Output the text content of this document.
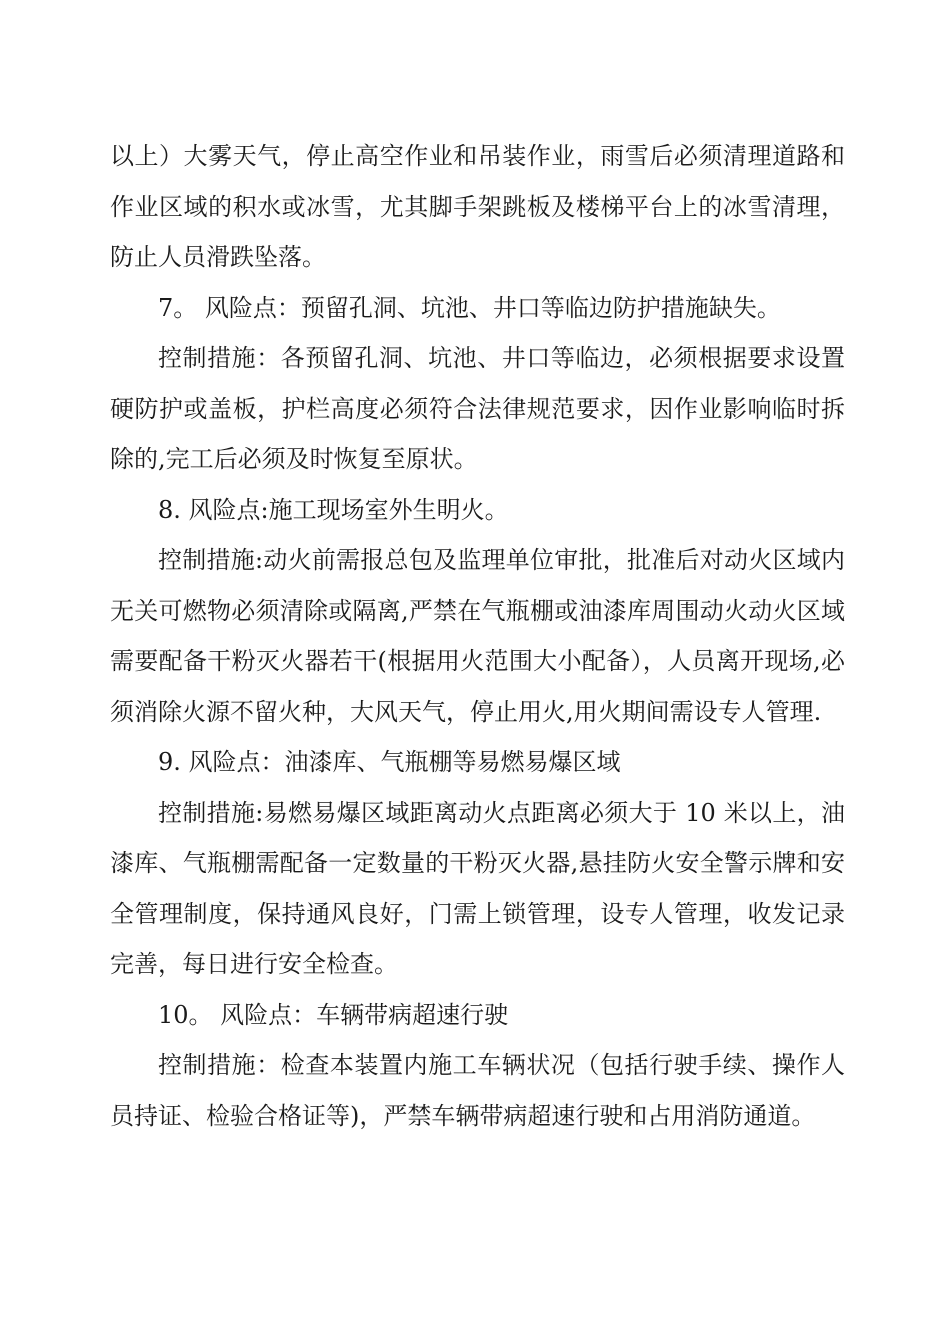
以上）大雾天气，停止高空作业和吊装作业，雨雪后必须清理道路和作业区域的积水或冰雪，尤其脚手架跳板及楼梯平台上的冰雪清理，防止人员滑跌坠落。

7。 风险点：预留孔洞、坑池、井口等临边防护措施缺失。

控制措施：各预留孔洞、坑池、井口等临边，必须根据要求设置硬防护或盖板，护栏高度必须符合法律规范要求，因作业影响临时拆除的,完工后必须及时恢复至原状。

8. 风险点:施工现场室外生明火。

控制措施:动火前需报总包及监理单位审批，批准后对动火区域内无关可燃物必须清除或隔离,严禁在气瓶棚或油漆库周围动火动火区域需要配备干粉灭火器若干(根据用火范围大小配备），人员离开现场,必须消除火源不留火种，大风天气，停止用火,用火期间需设专人管理.

9. 风险点：油漆库、气瓶棚等易燃易爆区域

控制措施:易燃易爆区域距离动火点距离必须大于 10 米以上，油漆库、气瓶棚需配备一定数量的干粉灭火器,悬挂防火安全警示牌和安全管理制度，保持通风良好，门需上锁管理，设专人管理，收发记录完善，每日进行安全检查。

10。 风险点：车辆带病超速行驶

控制措施：检查本装置内施工车辆状况（包括行驶手续、操作人员持证、检验合格证等)，严禁车辆带病超速行驶和占用消防通道。
